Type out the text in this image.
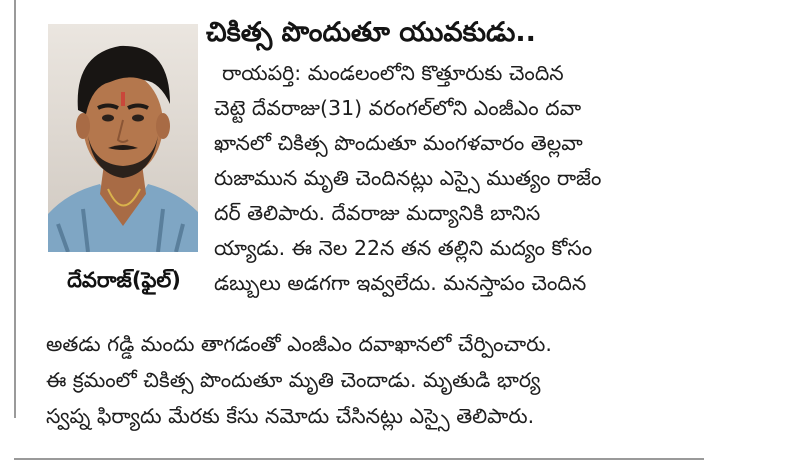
చికిత్స పొందుతూ యువకుడు..
దేవరాజ్‌(ఫైల్‌)
రాయపర్తి: మండలంలోని కొత్తూరుకు చెందిన
చెట్టె దేవరాజు(31) వరంగల్‌లోని ఎంజీఎం దవా
ఖానలో చికిత్స పొందుతూ మంగళవారం తెల్లవా
రుజామున మృతి చెందినట్లు ఎస్సై ముత్యం రాజేం
దర్‌ తెలిపారు. దేవరాజు మద్యానికి బానిస
య్యాడు. ఈ నెల 22న తన తల్లిని మద్యం కోసం
డబ్బులు అడగగా ఇవ్వలేదు. మనస్తాపం చెందిన
అతడు గడ్డి మందు తాగడంతో ఎంజీఎం దవాఖానలో చేర్పించారు.
ఈ క్రమంలో చికిత్స పొందుతూ మృతి చెందాడు. మృతుడి భార్య
స్వప్న ఫిర్యాదు మేరకు కేసు నమోదు చేసినట్లు ఎస్సై తెలిపారు.
